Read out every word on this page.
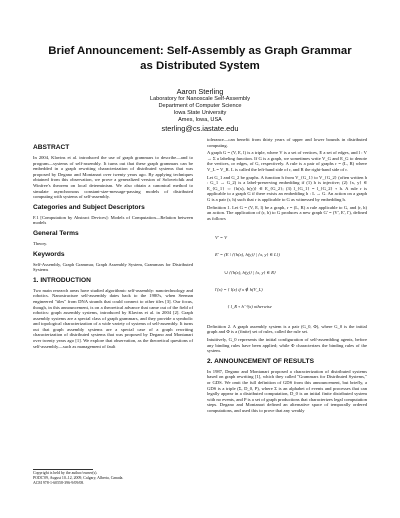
Brief Announcement: Self-Assembly as Graph Grammar
as Distributed System
Aaron Sterling
Laboratory for Nanoscale Self-Assembly
Department of Computer Science
Iowa State University
Ames, Iowa, USA
sterling@cs.iastate.edu
ABSTRACT

In 2004, Klavins et al. introduced the use of graph grammars to describe—and to program—systems of self-assembly. It turns out that these graph grammars can be embedded in a graph rewriting characterization of distributed systems that was proposed by Degano and Montanari over twenty years ago. By applying techniques obtained from this observation, we prove a generalized version of Soloveichik and Winfree's theorem on local determinism. We also obtain a canonical method to simulate asynchronous constant-size-message-passing models of distributed computing with systems of self-assembly.

Categories and Subject Descriptors

F.1 [Computation by Abstract Devices]: Models of Computation—Relation between models

General Terms

Theory.

Keywords

Self-Assembly, Graph Grammar, Graph Assembly System, Grammars for Distributed Systems

1. INTRODUCTION

Two main research areas have studied algorithmic self-assembly: nanotechnology and robotics. Nanostructure self-assembly dates back to the 1980's, when Seeman engineered "tiles" from DNA strands that could connect to other tiles [3]. Our focus, though, in this announcement, is on a theoretical advance that came out of the field of robotics: graph assembly systems, introduced by Klavins et al. in 2004 [2]. Graph assembly systems are a special class of graph grammars, and they provide a symbolic and topological characterization of a wide variety of systems of self-assembly. It turns out that graph assembly systems are a special case of a graph rewriting characterization of distributed systems that was proposed by Degano and Montanari over twenty years ago [1]. We explore that observation, as the theoretical questions of self-assembly—such as management of fault

Copyright is held by the author/owner(s).
PODC'09, August 10–12, 2009, Calgary, Alberta, Canada.
ACM 978-1-60558-396-9/09/08.

tolerance—can benefit from thirty years of upper and lower bounds in distributed computing.

A graph G = (V, E, l) is a triple, where V is a set of vertices, E a set of edges, and l : V → Σ a labeling function. If G is a graph, we sometimes write V_G and E_G to denote the vertices, or edges, of G, respectively. A rule is a pair of graphs r = (L, R) where V_L = V_R. L is called the left-hand side of r, and R the right-hand side of r.

Let G_1 and G_2 be graphs. A function h from V_{G_1} to V_{G_2} (often written h : G_1 → G_2) is a label-preserving embedding if (1) h is injective; (2) {x, y} ∈ E_{G_1} ⇔ {h(x), h(y)} ∈ E_{G_2}; (3) l_{G_1} = l_{G_2} ∘ h. A rule r is applicable to a graph G if there exists an embedding h : L → G. An action on a graph G is a pair (r, h) such that r is applicable to G as witnessed by embedding h.

Definition 1. Let G = (V, E, l) be a graph, r = (L, R) a rule applicable to G, and (r, h) an action. The application of (r, h) to G produces a new graph G' = (V', E', l'), defined as follows

V' = V

E' = (E \ {{h(x), h(y)} | {x, y} ∈ L})

∪ {{h(x), h(y)} | {x, y} ∈ R}

l'(x) = { l(x) if x ∉ h(V_L)

{ l_R ∘ h⁻¹(x) otherwise

Definition 2. A graph assembly system is a pair (G_0, Φ), where G_0 is the initial graph and Φ is a (finite) set of rules, called the rule set.

Intuitively, G_0 represents the initial configuration of self-assembling agents, before any binding rules have been applied; while Φ characterizes the binding rules of the system.

2. ANNOUNCEMENT OF RESULTS

In 1987, Degano and Montanari proposed a characterization of distributed systems based on graph rewriting [1], which they called "Grammars for Distributed Systems," or GDS. We omit the full definition of GDS from this announcement, but briefly, a GDS is a triple (Σ, D_0, P), where Σ is an alphabet of events and processes that can legally appear in a distributed computation, D_0 is an initial finite distributed system with no events, and P is a set of graph productions that characterizes legal computation steps. Degano and Montanari defined an alternative space of temporally ordered computations, and used this to prove that any weakly
